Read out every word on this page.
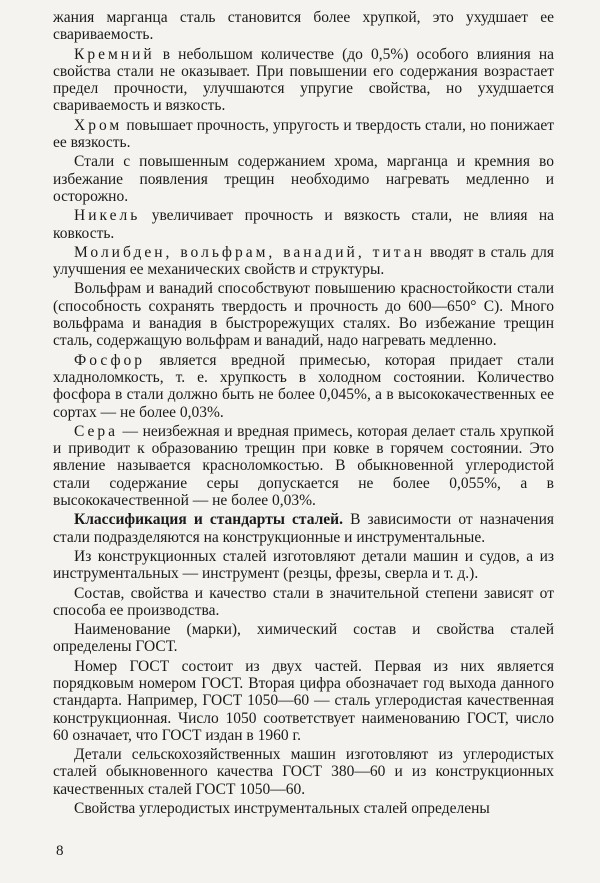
жания марганца сталь становится более хрупкой, это ухудшает ее свариваемость.

Кремний в небольшом количестве (до 0,5%) особого влияния на свойства стали не оказывает. При повышении его содержания возрастает предел прочности, улучшаются упругие свойства, но ухудшается свариваемость и вязкость.

Хром повышает прочность, упругость и твердость стали, но понижает ее вязкость.

Стали с повышенным содержанием хрома, марганца и кремния во избежание появления трещин необходимо нагревать медленно и осторожно.

Никель увеличивает прочность и вязкость стали, не влияя на ковкость.

Молибден, вольфрам, ванадий, титан вводят в сталь для улучшения ее механических свойств и структуры.

Вольфрам и ванадий способствуют повышению красностойкости стали (способность сохранять твердость и прочность до 600—650° С). Много вольфрама и ванадия в быстрорежущих сталях. Во избежание трещин сталь, содержащую вольфрам и ванадий, надо нагревать медленно.

Фосфор является вредной примесью, которая придает стали хладноломкость, т. е. хрупкость в холодном состоянии. Количество фосфора в стали должно быть не более 0,045%, а в высококачественных ее сортах — не более 0,03%.

Сера — неизбежная и вредная примесь, которая делает сталь хрупкой и приводит к образованию трещин при ковке в горячем состоянии. Это явление называется красноломкостью. В обыкновенной углеродистой стали содержание серы допускается не более 0,055%, а в высококачественной — не более 0,03%.

Классификация и стандарты сталей. В зависимости от назначения стали подразделяются на конструкционные и инструментальные.

Из конструкционных сталей изготовляют детали машин и судов, а из инструментальных — инструмент (резцы, фрезы, сверла и т. д.).

Состав, свойства и качество стали в значительной степени зависят от способа ее производства.

Наименование (марки), химический состав и свойства сталей определены ГОСТ.

Номер ГОСТ состоит из двух частей. Первая из них является порядковым номером ГОСТ. Вторая цифра обозначает год выхода данного стандарта. Например, ГОСТ 1050—60 — сталь углеродистая качественная конструкционная. Число 1050 соответствует наименованию ГОСТ, число 60 означает, что ГОСТ издан в 1960 г.

Детали сельскохозяйственных машин изготовляют из углеродистых сталей обыкновенного качества ГОСТ 380—60 и из конструкционных качественных сталей ГОСТ 1050—60.

Свойства углеродистых инструментальных сталей определены

8
